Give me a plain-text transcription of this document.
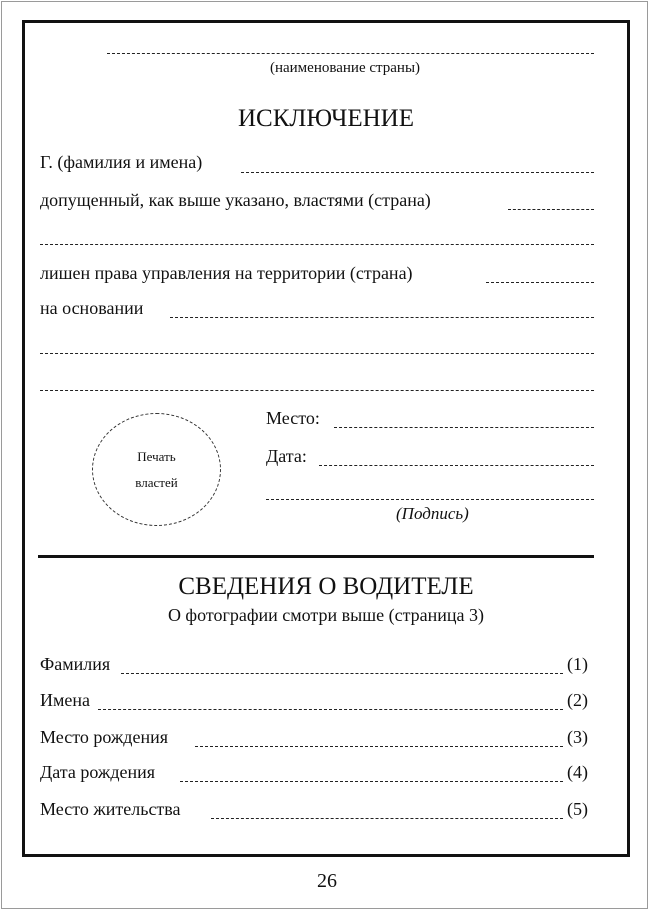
(наименование страны)
ИСКЛЮЧЕНИЕ
Г. (фамилия и имена)
допущенный, как выше указано, властями (страна)
лишен права управления на территории (страна)
на основании
Печать
властей
Место:
Дата:
(Подпись)
СВЕДЕНИЯ О ВОДИТЕЛЕ
О фотографии смотри выше (страница 3)
Фамилия	(1)
Имена	(2)
Место рождения	(3)
Дата рождения	(4)
Место жительства	(5)
26
